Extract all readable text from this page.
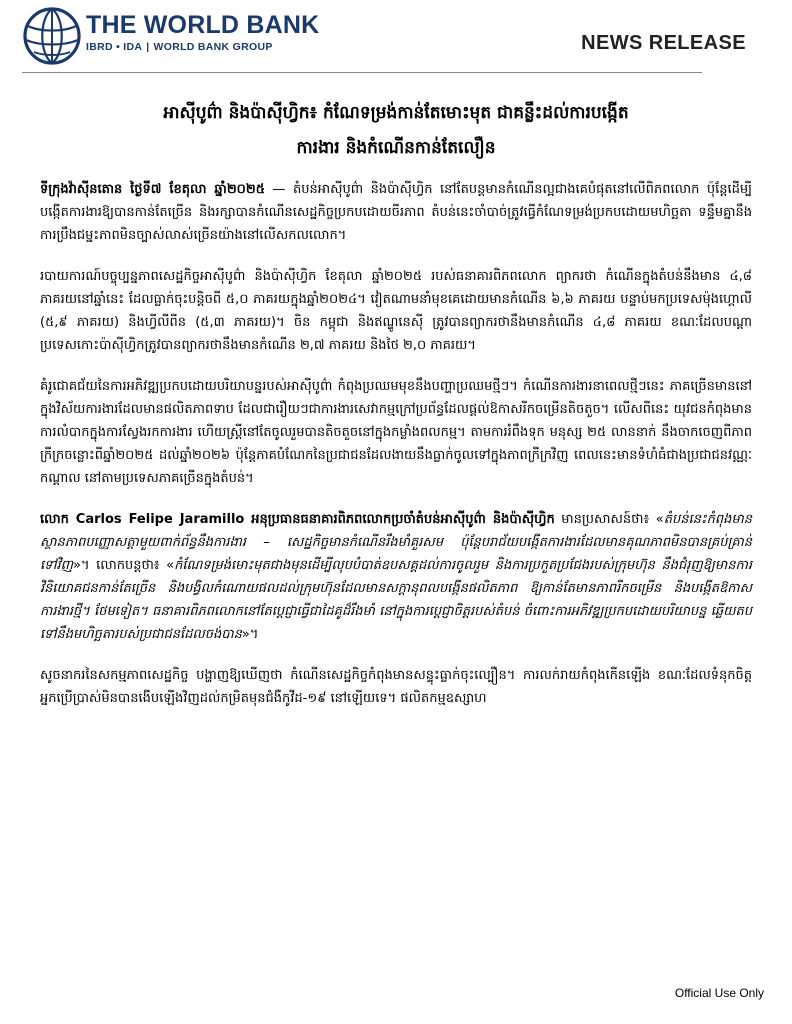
THE WORLD BANK
IBRD • IDA | WORLD BANK GROUP	NEWS RELEASE
អាស៊ីបូព៌ា និងប៉ាស៊ីហ្វិក៖ កំណែទម្រង់កាន់តែមោះមុត ជាគន្លឹះដល់ការបង្កើត
ការងារ និងកំណើនកាន់តែលឿន

ទីក្រុងវ៉ាស៊ីនតោន ថ្ងៃទី៧ ខែតុលា ឆ្នាំ២០២៥ — តំបន់អាស៊ីបូព៌ា និងប៉ាស៊ីហ្វិក នៅតែបន្តមានកំណើនល្អជាងគេបំផុតនៅលើពិភពលោក ប៉ុន្តែដើម្បីបង្កើតការងារឱ្យបានកាន់តែច្រើន និងរក្សាបានកំណើនសេដ្ឋកិច្ចប្រកបដោយចីរភាព តំបន់នេះចាំបាច់ត្រូវធ្វើកំណែទម្រង់ប្រកបដោយមហិច្ឆតា ទន្ទឹមគ្នានឹងការប្រឹងជម្នះភាពមិនច្បាស់លាស់ច្រើនយ៉ាងនៅលើសកលលោក។

របាយការណ៍បច្ចុប្បន្នភាពសេដ្ឋកិច្ចអាស៊ីបូព៌ា និងប៉ាស៊ីហ្វិក ខែតុលា ឆ្នាំ២០២៥ របស់ធនាគារពិភពលោក ព្យាករថា កំណើនក្នុងតំបន់នឹងមាន ៤,៨ ភាគរយនៅឆ្នាំនេះ ដែលធ្លាក់ចុះបន្តិចពី ៥,០ ភាគរយក្នុងឆ្នាំ២០២៤។ វៀតណាមនាំមុខគេដោយមានកំណើន ៦,៦ ភាគរយ បន្ទាប់មកប្រទេសម៉ុងហ្គោលី (៥,៩ ភាគរយ) និងហ្វីលីពីន (៥,៣ ភាគរយ)។ ចិន កម្ពុជា និងឥណ្ឌូនេស៊ី ត្រូវបានព្យាករថានឹងមានកំណើន ៤,៨ ភាគរយ ខណៈដែលបណ្តាប្រទេសកោះប៉ាស៊ីហ្វិកត្រូវបានព្យាករថានឹងមានកំណើន ២,៧ ភាគរយ និងថៃ ២,០ ភាគរយ។

គំរូជោគជ័យនៃការអភិវឌ្ឍប្រកបដោយបរិយាបន្នរបស់អាស៊ីបូព៌ា កំពុងប្រឈមមុខនឹងបញ្ហាប្រឈមថ្មីៗ។ កំណើនការងារនាពេលថ្មីៗនេះ ភាគច្រើនមាននៅក្នុងវិស័យការងារដែលមានផលិតភាពទាប ដែលជារឿយៗជាការងារសេវាកម្មក្រៅប្រព័ន្ធដែលផ្តល់ឱកាសរីកចម្រើនតិចតួច។ លើសពីនេះ យុវជនកំពុងមានការលំបាកក្នុងការស្វែងរកការងារ ហើយស្ត្រីនៅតែចូលរួមបានតិចតួចនៅក្នុងកម្លាំងពលកម្ម។ តាមការរំពឹងទុក មនុស្ស ២៥ លាននាក់ នឹងចាកចេញពីភាពក្រីក្រចន្លោះពីឆ្នាំ២០២៥ ដល់ឆ្នាំ២០២៦ ប៉ុន្តែភាគបំណែកនៃប្រជាជនដែលងាយនឹងធ្លាក់ចូលទៅក្នុងភាពក្រីក្រវិញ ពេលនេះមានទំហំធំជាងប្រជាជនវណ្ណៈកណ្តាល នៅតាមប្រទេសភាគច្រើនក្នុងតំបន់។

លោក Carlos Felipe Jaramillo អនុប្រធានធនាគារពិភពលោកប្រចាំតំបន់អាស៊ីបូព៌ា និងប៉ាស៊ីហ្វិក មានប្រសាសន៍ថា៖ «តំបន់នេះកំពុងមានស្ថានភាពបញ្ញោសត្តាមួយពាក់ព័ន្ធនឹងការងារ – សេដ្ឋកិច្ចមានកំណើនរឹងមាំគួរសម ប៉ុន្តែបរាជ័យបង្កើតការងារដែលមានគុណភាពមិនបានគ្រប់គ្រាន់ទៅវិញ»។ លោកបន្តថា៖ «កំណែទម្រង់មោះមុតជាងមុនដើម្បីលុបបំបាត់ឧបសគ្គដល់ការចូលរួម និងការប្រកួតប្រជែងរបស់ក្រុមហ៊ុន នឹងជំរុញឱ្យមានការវិនិយោគជនកាន់តែច្រើន និងបង្វិលកំណោយផលដល់ក្រុមហ៊ុនដែលមានសក្តានុពលបង្កើនផលិតភាព ឱ្យកាន់តែមានភាពរីកចម្រើន និងបង្កើតឱកាសការងារថ្មី។ ថែមទៀត។ ធនាគារពិភពលោកនៅតែប្តេជ្ញាធ្វើជាដៃគូដ៏រឹងមាំ នៅក្នុងការប្តេជ្ញាចិត្តរបស់តំបន់ ចំពោះការអភិវឌ្ឍប្រកបដោយបរិយាបន្ន ឆ្លើយតបទៅនឹងមហិច្ឆតារបស់ប្រជាជនដែលចង់បាន»។

សូចនាករនៃសកម្មភាពសេដ្ឋកិច្ច បង្ហាញឱ្យឃើញថា កំណើនសេដ្ឋកិច្ចកំពុងមានសន្ទុះធ្លាក់ចុះល្បឿន។ ការលក់រាយកំពុងកើនឡើង ខណៈដែលទំនុកចិត្តអ្នកប្រើប្រាស់មិនបានងើបឡើងវិញដល់កម្រិតមុនជំងឺកូវីដ-១៩ នៅឡើយទេ។ ផលិតកម្មឧស្សាហ

Official Use Only
